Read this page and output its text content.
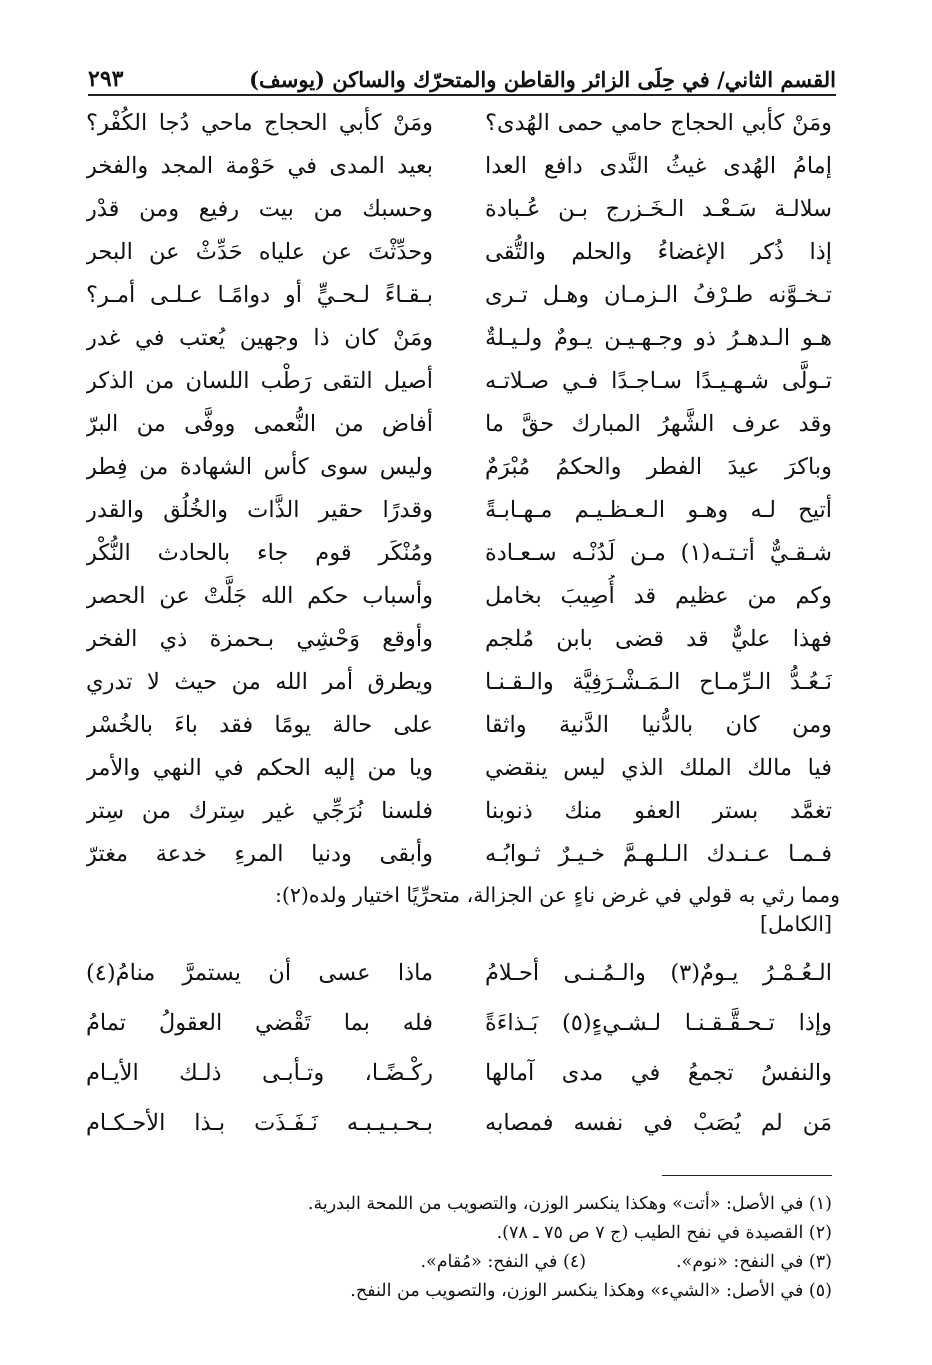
القسم الثاني/ في حِلَى الزائر والقاطن والمتحرّك والساكن (يوسف)
٢٩٣
ومَنْ كأبي الحجاج حامي حمى الهُدى؟
ومَنْ كأبي الحجاج ماحي دُجا الكُفْر؟
إمامُ الهُدى غيثُ النَّدى دافع العدا
بعيد المدى في حَوْمة المجد والفخر
سلالـة سَـعْـد الـخَـزرج بـن عُـبادة
وحسبك من بيت رفيع ومن قدْر
إذا ذُكر الإغضاءُ والحلم والتُّقى
وحدِّثْتَ عن علياه حَدِّثْ عن البحر
تـخـوَّنه طـرْفُ الـزمـان وهـل تـرى
بـقـاءً لـحـيٍّ أو دوامًـا عـلـى أمـر؟
هـو الـدهـرُ ذو وجـهـيـن يـومٌ ولـيـلةٌ
ومَنْ كان ذا وجهين يُعتب في غدر
تـولَّى شـهـيـدًا سـاجـدًا فـي صـلاتـه
أصيل التقى رَطْب اللسان من الذكر
وقد عرف الشَّهرُ المبارك حقَّ ما
أفاض من النُّعمى ووفَّى من البرّ
وباكرَ عيدَ الفطر والحكمُ مُبْرَمٌ
وليس سوى كأس الشهادة من فِطر
أتيح لـه وهـو الـعـظـيـم مـهـابـةً
وقدرًا حقير الذَّات والخُلُق والقدر
شـقـيٌّ أتـتـه(١) مـن لَدُنْـه سـعـادة
ومُنْكَر قوم جاء بالحادث النُّكْر
وكم من عظيم قد أُصِيبَ بخامل
وأسباب حكم الله جَلَّتْ عن الحصر
فهذا عليٌّ قد قضى بابن مُلجم
وأوقع وَحْشِي بـحمزة ذي الفخر
نَـعُـدُّ الـرِّمـاح الـمَـشْـرَفِيَّة والـقـنـا
ويطرق أمر الله من حيث لا تدري
ومن كان بالدُّنيا الدَّنية واثقا
على حالة يومًا فقد باءَ بالخُسْر
فيا مالك الملك الذي ليس ينقضي
ويا من إليه الحكم في النهي والأمر
تغمَّد بستر العفو منك ذنوبنا
فلسنا نُرَجِّي غير سِترك من سِتر
فـمـا عـنـدك الـلـهـمَّ خـيـرٌ ثـوابُـه
وأبقى ودنيا المرءِ خدعة مغترّ
ومما رثي به قولي في غرض ناءٍ عن الجزالة، متحرِّيًا اختيار ولده(٢):
[الكامل]
الـعُـمْـرُ يـومٌ(٣) والـمُـنـى أحـلامُ
ماذا عسى أن يستمرَّ منامُ(٤)
وإذا تـحـقَّـقـنـا لـشـيءٍ(٥) بَـذاءَةً
فله بما تَقْضي العقولُ تمامُ
والنفسُ تجمعُ في مدى آمالها
ركْـضًـا، وتـأبـى ذلـك الأيـام
مَن لم يُصَبْ في نفسه فمصابه
بـحـبـيـبـه نَـفَـذَت بـذا الأحـكـام
(١) في الأصل: «أتت» وهكذا ينكسر الوزن، والتصويب من اللمحة البدرية.
(٢) القصيدة في نفح الطيب (ج ٧ ص ٧٥ ـ ٧٨).
(٣) في النفح: «نوم».
(٤) في النفح: «مُقام».
(٥) في الأصل: «الشيء» وهكذا ينكسر الوزن، والتصويب من النفح.
